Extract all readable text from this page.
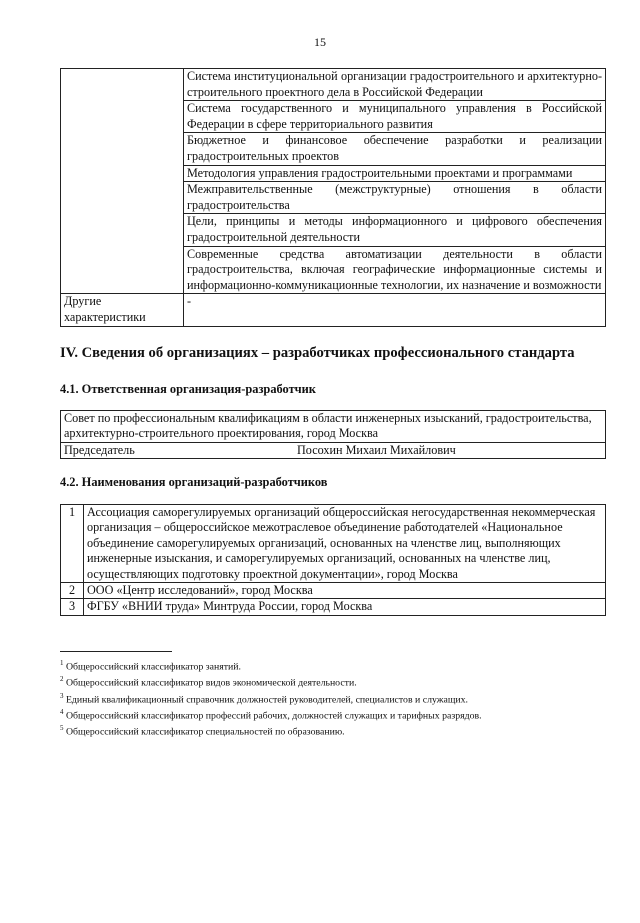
15
	Система институциональной организации градостроительного и архитектурно-строительного проектного дела в Российской Федерации
	Система государственного и муниципального управления в Российской Федерации в сфере территориального развития
	Бюджетное и финансовое обеспечение разработки и реализации градостроительных проектов
	Методология управления градостроительными проектами и программами
	Межправительственные (межструктурные) отношения в области градостроительства
	Цели, принципы и методы информационного и цифрового обеспечения градостроительной деятельности
	Современные средства автоматизации деятельности в области градостроительства, включая географические информационные системы и информационно-коммуникационные технологии, их назначение и возможности
Другие характеристики	-
IV. Сведения об организациях – разработчиках профессионального стандарта
4.1. Ответственная организация-разработчик
Совет по профессиональным квалификациям в области инженерных изысканий, градостроительства, архитектурно-строительного проектирования, город Москва
Председатель	Посохин Михаил Михайлович
4.2. Наименования организаций-разработчиков
1	Ассоциация саморегулируемых организаций общероссийская негосударственная некоммерческая организация – общероссийское межотраслевое объединение работодателей «Национальное объединение саморегулируемых организаций, основанных на членстве лиц, выполняющих инженерные изыскания, и саморегулируемых организаций, основанных на членстве лиц, осуществляющих подготовку проектной документации», город Москва
2	ООО «Центр исследований», город Москва
3	ФГБУ «ВНИИ труда» Минтруда России, город Москва
$^1$ Общероссийский классификатор занятий.
$^2$ Общероссийский классификатор видов экономической деятельности.
$^3$ Единый квалификационный справочник должностей руководителей, специалистов и служащих.
$^4$ Общероссийский классификатор профессий рабочих, должностей служащих и тарифных разрядов.
$^5$ Общероссийский классификатор специальностей по образованию.
